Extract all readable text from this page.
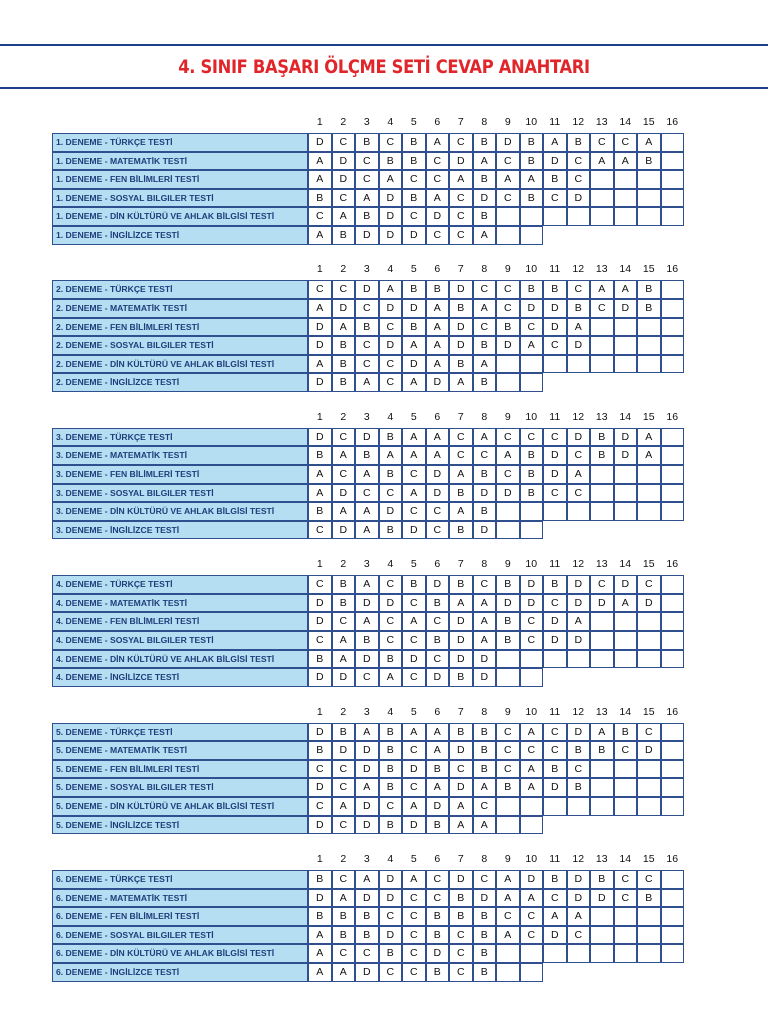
4. SINIF BAŞARI ÖLÇME SETİ CEVAP ANAHTARI
1	2	3	4	5	6	7	8	9	10	11	12	13	14	15	16
1. DENEME - TÜRKÇE TESTİ	D	C	B	C	B	A	C	B	D	B	A	B	C	C	A
1. DENEME - MATEMATİK TESTİ	A	D	C	B	B	C	D	A	C	B	D	C	A	A	B
1. DENEME - FEN BİLİMLERİ TESTİ	A	D	C	A	C	C	A	B	A	A	B	C
1. DENEME - SOSYAL BILGILER TESTİ	B	C	A	D	B	A	C	D	C	B	C	D
1. DENEME - DİN KÜLTÜRÜ VE AHLAK BİLGİSİ TESTİ	C	A	B	D	C	D	C	B
1. DENEME - İNGİLİZCE TESTİ	A	B	D	D	D	C	C	A
1	2	3	4	5	6	7	8	9	10	11	12	13	14	15	16
2. DENEME - TÜRKÇE TESTİ	C	C	D	A	B	B	D	C	C	B	B	C	A	A	B
2. DENEME - MATEMATİK TESTİ	A	D	C	D	D	A	B	A	C	D	D	B	C	D	B
2. DENEME - FEN BİLİMLERİ TESTİ	D	A	B	C	B	A	D	C	B	C	D	A
2. DENEME - SOSYAL BILGILER TESTİ	D	B	C	D	A	A	D	B	D	A	C	D
2. DENEME - DİN KÜLTÜRÜ VE AHLAK BİLGİSİ TESTİ	A	B	C	C	D	A	B	A
2. DENEME - İNGİLİZCE TESTİ	D	B	A	C	A	D	A	B
1	2	3	4	5	6	7	8	9	10	11	12	13	14	15	16
3. DENEME - TÜRKÇE TESTİ	D	C	D	B	A	A	C	A	C	C	C	D	B	D	A
3. DENEME - MATEMATİK TESTİ	B	A	B	A	A	A	C	C	A	B	D	C	B	D	A
3. DENEME - FEN BİLİMLERİ TESTİ	A	C	A	B	C	D	A	B	C	B	D	A
3. DENEME - SOSYAL BILGILER TESTİ	A	D	C	C	A	D	B	D	D	B	C	C
3. DENEME - DİN KÜLTÜRÜ VE AHLAK BİLGİSİ TESTİ	B	A	A	D	C	C	A	B
3. DENEME - İNGİLİZCE TESTİ	C	D	A	B	D	C	B	D
1	2	3	4	5	6	7	8	9	10	11	12	13	14	15	16
4. DENEME - TÜRKÇE TESTİ	C	B	A	C	B	D	B	C	B	D	B	D	C	D	C
4. DENEME - MATEMATİK TESTİ	D	B	D	D	C	B	A	A	D	D	C	D	D	A	D
4. DENEME - FEN BİLİMLERİ TESTİ	D	C	A	C	A	C	D	A	B	C	D	A
4. DENEME - SOSYAL BILGILER TESTİ	C	A	B	C	C	B	D	A	B	C	D	D
4. DENEME - DİN KÜLTÜRÜ VE AHLAK BİLGİSİ TESTİ	B	A	D	B	D	C	D	D
4. DENEME - İNGİLİZCE TESTİ	D	D	C	A	C	D	B	D
1	2	3	4	5	6	7	8	9	10	11	12	13	14	15	16
5. DENEME - TÜRKÇE TESTİ	D	B	A	B	A	A	B	B	C	A	C	D	A	B	C
5. DENEME - MATEMATİK TESTİ	B	D	D	B	C	A	D	B	C	C	C	B	B	C	D
5. DENEME - FEN BİLİMLERİ TESTİ	C	C	D	B	D	B	C	B	C	A	B	C
5. DENEME - SOSYAL BILGILER TESTİ	D	C	A	B	C	A	D	A	B	A	D	B
5. DENEME - DİN KÜLTÜRÜ VE AHLAK BİLGİSİ TESTİ	C	A	D	C	A	D	A	C
5. DENEME - İNGİLİZCE TESTİ	D	C	D	B	D	B	A	A
1	2	3	4	5	6	7	8	9	10	11	12	13	14	15	16
6. DENEME - TÜRKÇE TESTİ	B	C	A	D	A	C	D	C	A	D	B	D	B	C	C
6. DENEME - MATEMATİK TESTİ	D	A	D	D	C	C	B	D	A	A	C	D	D	C	B
6. DENEME - FEN BİLİMLERİ TESTİ	B	B	B	C	C	B	B	B	C	C	A	A
6. DENEME - SOSYAL BILGILER TESTİ	A	B	B	D	C	B	C	B	A	C	D	C
6. DENEME - DİN KÜLTÜRÜ VE AHLAK BİLGİSİ TESTİ	A	C	C	B	C	D	C	B
6. DENEME - İNGİLİZCE TESTİ	A	A	D	C	C	B	C	B
